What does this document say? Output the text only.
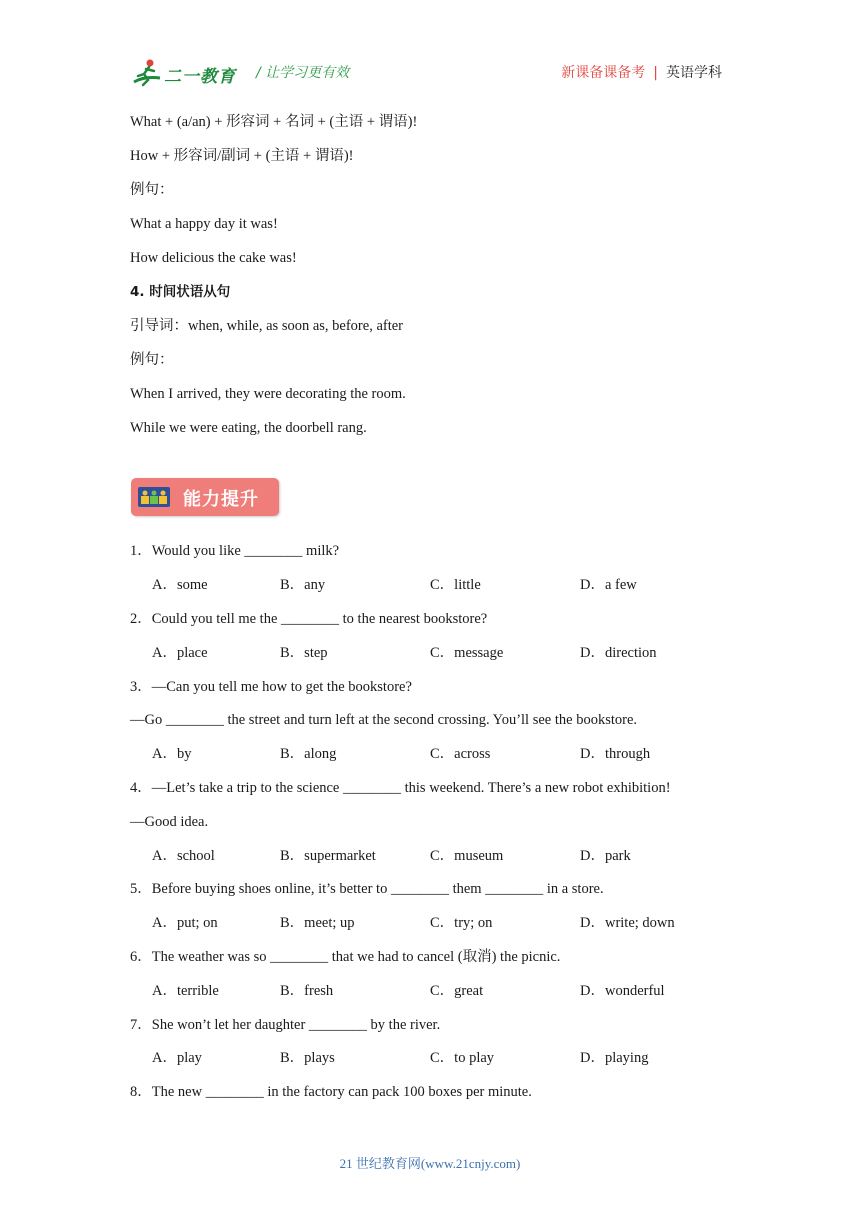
二一教育 / 让学习更有效	新课备课备考 | 英语学科
What + (a/an) + 形容词 + 名词 + (主语 + 谓语)!
How + 形容词/副词 + (主语 + 谓语)!
例句：
What a happy day it was!
How delicious the cake was!
4. 时间状语从句
引导词：when, while, as soon as, before, after
例句：
When I arrived, they were decorating the room.
While we were eating, the doorbell rang.
能力提升
1．Would you like ________ milk?
A．some	B．any	C．little	D．a few
2．Could you tell me the ________ to the nearest bookstore?
A．place	B．step	C．message	D．direction
3．—Can you tell me how to get the bookstore?
—Go ________ the street and turn left at the second crossing. You’ll see the bookstore.
A．by	B．along	C．across	D．through
4．—Let’s take a trip to the science ________ this weekend. There’s a new robot exhibition!
—Good idea.
A．school	B．supermarket	C．museum	D．park
5．Before buying shoes online, it’s better to ________ them ________ in a store.
A．put; on	B．meet; up	C．try; on	D．write; down
6．The weather was so ________ that we had to cancel (取消) the picnic.
A．terrible	B．fresh	C．great	D．wonderful
7．She won’t let her daughter ________ by the river.
A．play	B．plays	C．to play	D．playing
8．The new ________ in the factory can pack 100 boxes per minute.
21 世纪教育网(www.21cnjy.com)
